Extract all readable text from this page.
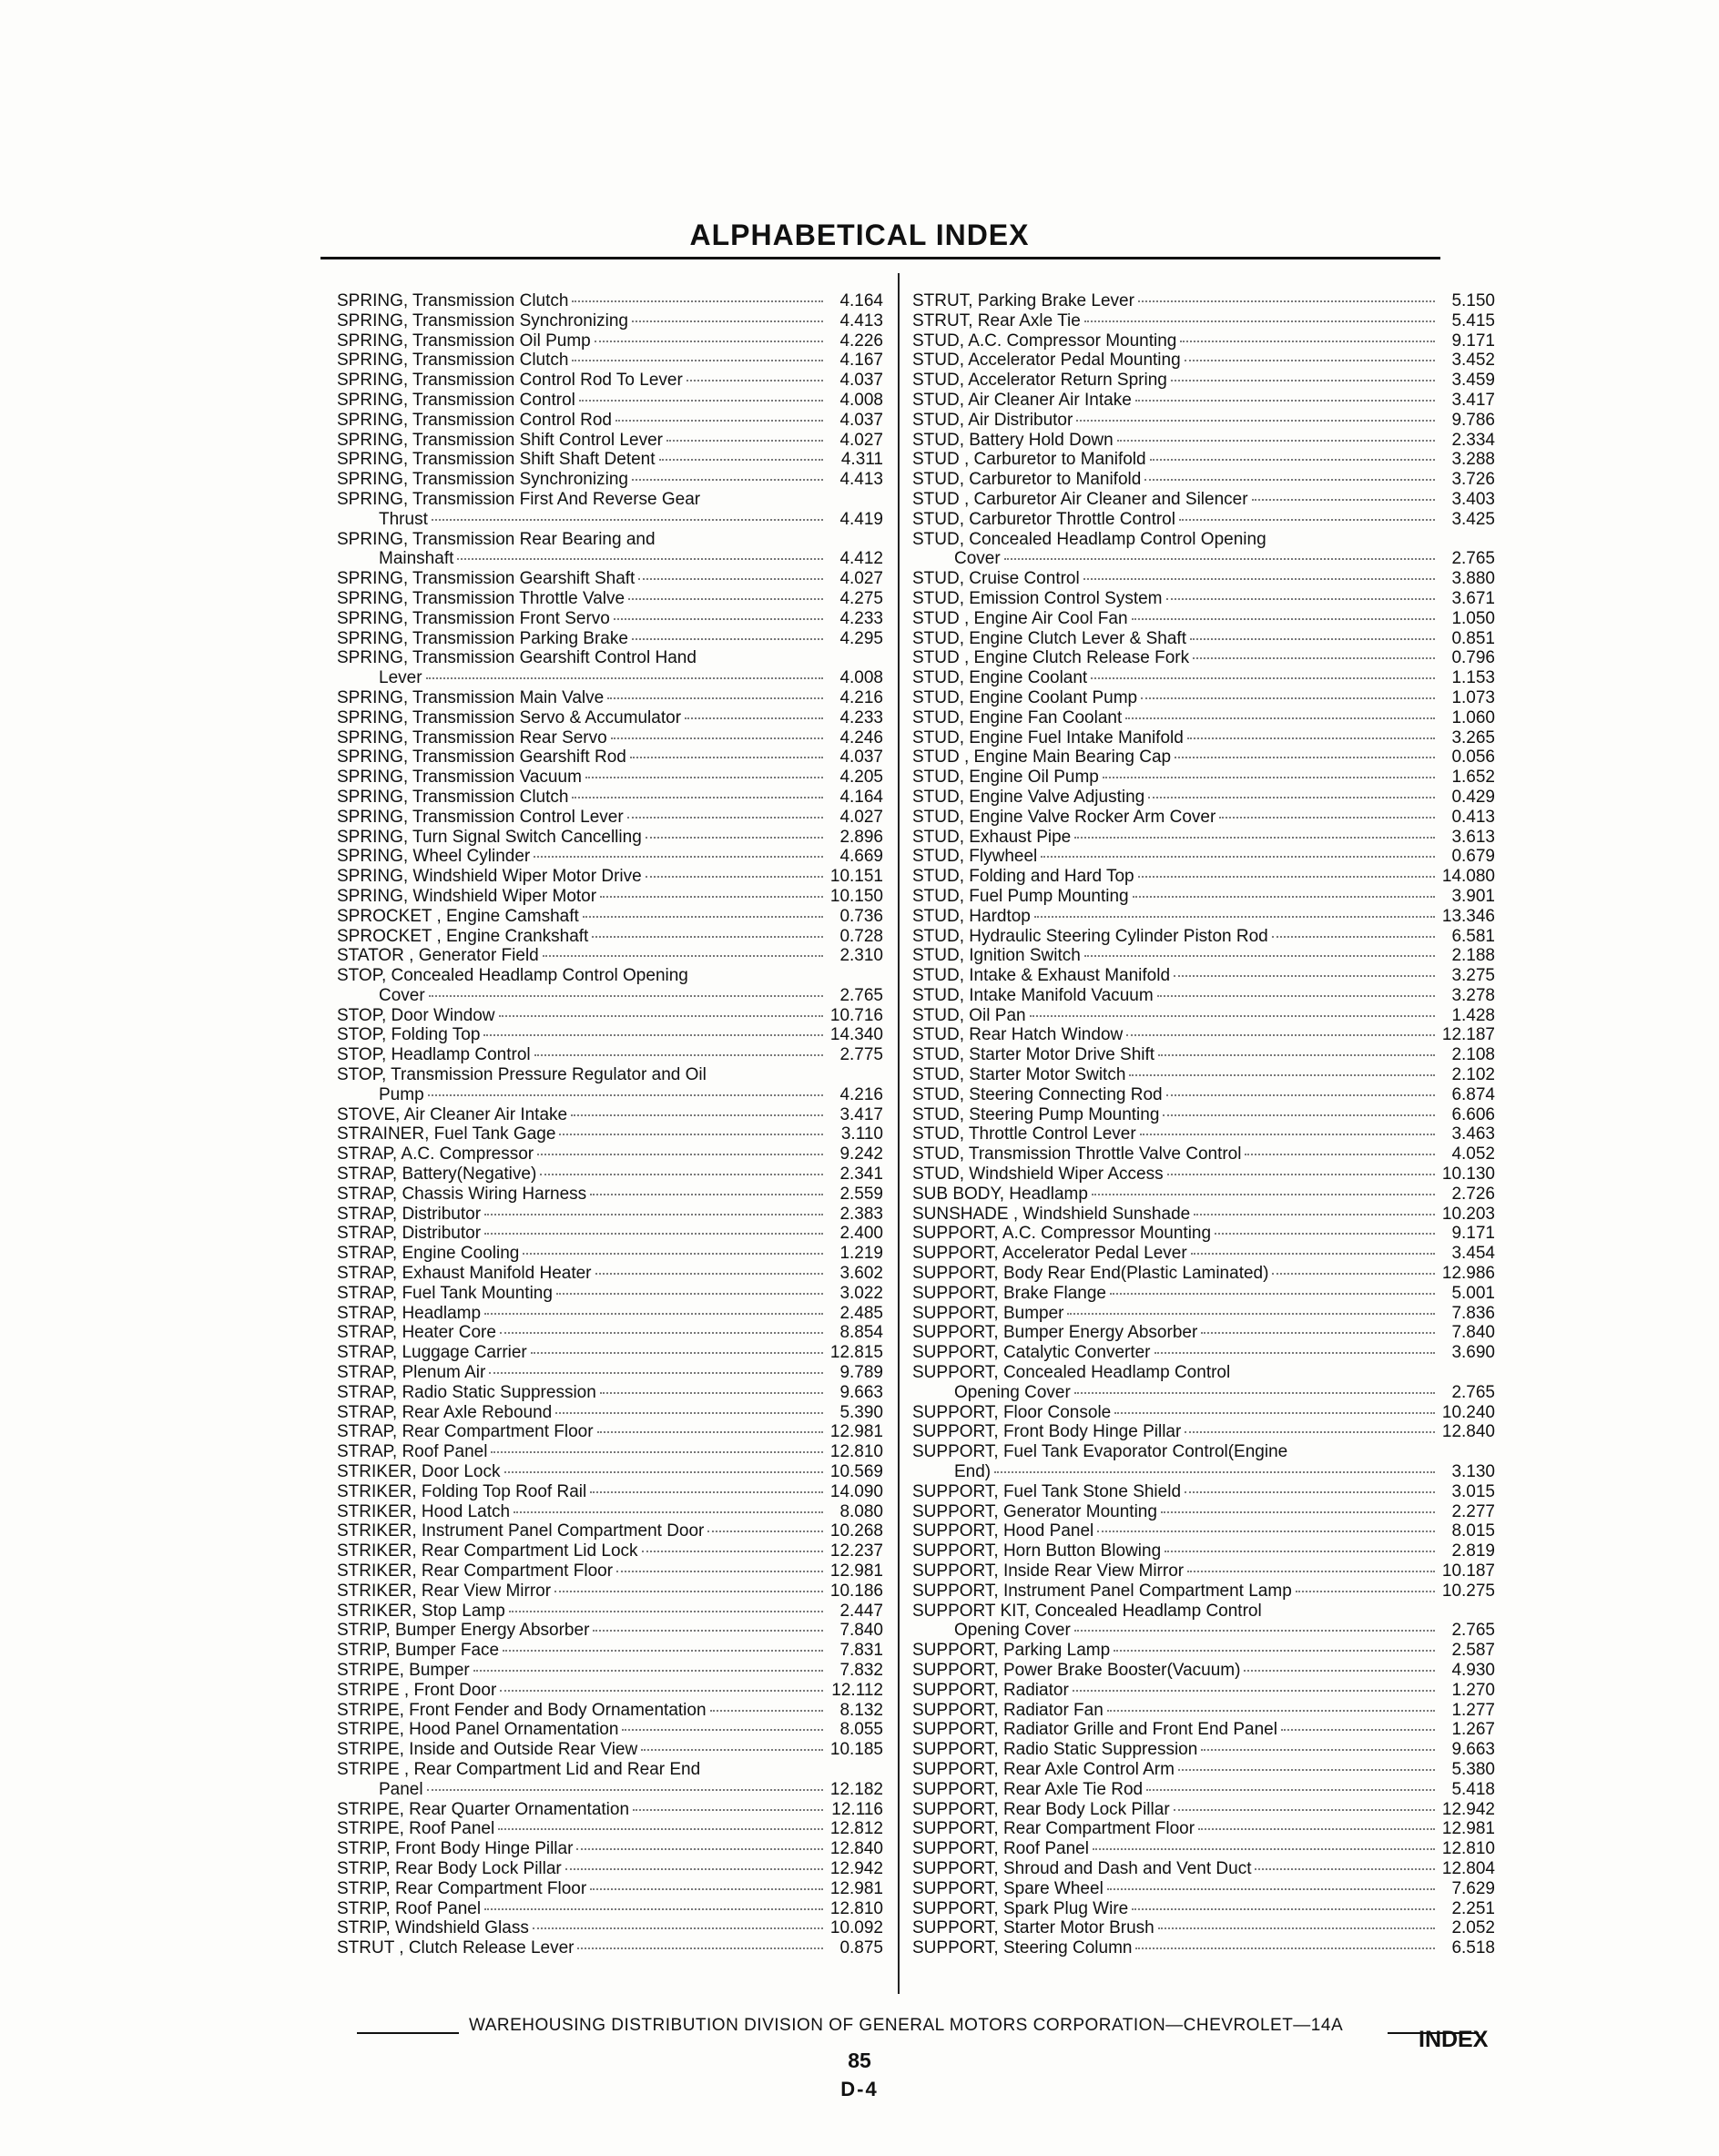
ALPHABETICAL INDEX
SPRING, Transmission Clutch	4.164
SPRING, Transmission Synchronizing	4.413
SPRING, Transmission Oil Pump	4.226
SPRING, Transmission Clutch	4.167
SPRING, Transmission Control Rod To Lever	4.037
SPRING, Transmission Control	4.008
SPRING, Transmission Control Rod	4.037
SPRING, Transmission Shift Control Lever	4.027
SPRING, Transmission Shift Shaft Detent	4.311
SPRING, Transmission Synchronizing	4.413
SPRING, Transmission First And Reverse Gear
Thrust	4.419
SPRING, Transmission Rear Bearing and
Mainshaft	4.412
SPRING, Transmission Gearshift Shaft	4.027
SPRING, Transmission Throttle Valve	4.275
SPRING, Transmission Front Servo	4.233
SPRING, Transmission Parking Brake	4.295
SPRING, Transmission Gearshift Control Hand
Lever	4.008
SPRING, Transmission Main Valve	4.216
SPRING, Transmission Servo & Accumulator	4.233
SPRING, Transmission Rear Servo	4.246
SPRING, Transmission Gearshift Rod	4.037
SPRING, Transmission Vacuum	4.205
SPRING, Transmission Clutch	4.164
SPRING, Transmission Control Lever	4.027
SPRING, Turn Signal Switch Cancelling	2.896
SPRING, Wheel Cylinder	4.669
SPRING, Windshield Wiper Motor Drive	10.151
SPRING, Windshield Wiper Motor	10.150
SPROCKET , Engine Camshaft	0.736
SPROCKET , Engine Crankshaft	0.728
STATOR , Generator Field	2.310
STOP, Concealed Headlamp Control Opening
Cover	2.765
STOP, Door Window	10.716
STOP, Folding Top	14.340
STOP, Headlamp Control	2.775
STOP, Transmission Pressure Regulator and Oil
Pump	4.216
STOVE, Air Cleaner Air Intake	3.417
STRAINER, Fuel Tank Gage	3.110
STRAP, A.C. Compressor	9.242
STRAP, Battery(Negative)	2.341
STRAP, Chassis Wiring Harness	2.559
STRAP, Distributor	2.383
STRAP, Distributor	2.400
STRAP, Engine Cooling	1.219
STRAP, Exhaust Manifold Heater	3.602
STRAP, Fuel Tank Mounting	3.022
STRAP, Headlamp	2.485
STRAP, Heater Core	8.854
STRAP, Luggage Carrier	12.815
STRAP, Plenum Air	9.789
STRAP, Radio Static Suppression	9.663
STRAP, Rear Axle Rebound	5.390
STRAP, Rear Compartment Floor	12.981
STRAP, Roof Panel	12.810
STRIKER, Door Lock	10.569
STRIKER, Folding Top Roof Rail	14.090
STRIKER, Hood Latch	8.080
STRIKER, Instrument Panel Compartment Door	10.268
STRIKER, Rear Compartment Lid Lock	12.237
STRIKER, Rear Compartment Floor	12.981
STRIKER, Rear View Mirror	10.186
STRIKER, Stop Lamp	2.447
STRIP, Bumper Energy Absorber	7.840
STRIP, Bumper Face	7.831
STRIPE, Bumper	7.832
STRIPE , Front Door	12.112
STRIPE, Front Fender and Body Ornamentation	8.132
STRIPE, Hood Panel Ornamentation	8.055
STRIPE, Inside and Outside Rear View	10.185
STRIPE , Rear Compartment Lid and Rear End
Panel	12.182
STRIPE, Rear Quarter Ornamentation	12.116
STRIPE, Roof Panel	12.812
STRIP, Front Body Hinge Pillar	12.840
STRIP, Rear Body Lock Pillar	12.942
STRIP, Rear Compartment Floor	12.981
STRIP, Roof Panel	12.810
STRIP, Windshield Glass	10.092
STRUT , Clutch Release Lever	0.875
STRUT, Parking Brake Lever	5.150
STRUT, Rear Axle Tie	5.415
STUD, A.C. Compressor Mounting	9.171
STUD, Accelerator Pedal Mounting	3.452
STUD, Accelerator Return Spring	3.459
STUD, Air Cleaner Air Intake	3.417
STUD, Air Distributor	9.786
STUD, Battery Hold Down	2.334
STUD , Carburetor to Manifold	3.288
STUD, Carburetor to Manifold	3.726
STUD , Carburetor Air Cleaner and Silencer	3.403
STUD, Carburetor Throttle Control	3.425
STUD, Concealed Headlamp Control Opening
Cover	2.765
STUD, Cruise Control	3.880
STUD, Emission Control System	3.671
STUD , Engine Air Cool Fan	1.050
STUD, Engine Clutch Lever & Shaft	0.851
STUD , Engine Clutch Release Fork	0.796
STUD, Engine Coolant	1.153
STUD, Engine Coolant Pump	1.073
STUD, Engine Fan Coolant	1.060
STUD, Engine Fuel Intake Manifold	3.265
STUD , Engine Main Bearing Cap	0.056
STUD, Engine Oil Pump	1.652
STUD, Engine Valve Adjusting	0.429
STUD, Engine Valve Rocker Arm Cover	0.413
STUD, Exhaust Pipe	3.613
STUD, Flywheel	0.679
STUD, Folding and Hard Top	14.080
STUD, Fuel Pump Mounting	3.901
STUD, Hardtop	13.346
STUD, Hydraulic Steering Cylinder Piston Rod	6.581
STUD, Ignition Switch	2.188
STUD, Intake & Exhaust Manifold	3.275
STUD, Intake Manifold Vacuum	3.278
STUD, Oil Pan	1.428
STUD, Rear Hatch Window	12.187
STUD, Starter Motor Drive Shift	2.108
STUD, Starter Motor Switch	2.102
STUD, Steering Connecting Rod	6.874
STUD, Steering Pump Mounting	6.606
STUD, Throttle Control Lever	3.463
STUD, Transmission Throttle Valve Control	4.052
STUD, Windshield Wiper Access	10.130
SUB BODY, Headlamp	2.726
SUNSHADE , Windshield Sunshade	10.203
SUPPORT, A.C. Compressor Mounting	9.171
SUPPORT, Accelerator Pedal Lever	3.454
SUPPORT, Body Rear End(Plastic Laminated)	12.986
SUPPORT, Brake Flange	5.001
SUPPORT, Bumper	7.836
SUPPORT, Bumper Energy Absorber	7.840
SUPPORT, Catalytic Converter	3.690
SUPPORT, Concealed Headlamp Control
Opening Cover	2.765
SUPPORT, Floor Console	10.240
SUPPORT, Front Body Hinge Pillar	12.840
SUPPORT, Fuel Tank Evaporator Control(Engine
End)	3.130
SUPPORT, Fuel Tank Stone Shield	3.015
SUPPORT, Generator Mounting	2.277
SUPPORT, Hood Panel	8.015
SUPPORT, Horn Button Blowing	2.819
SUPPORT, Inside Rear View Mirror	10.187
SUPPORT, Instrument Panel Compartment Lamp	10.275
SUPPORT KIT, Concealed Headlamp Control
Opening Cover	2.765
SUPPORT, Parking Lamp	2.587
SUPPORT, Power Brake Booster(Vacuum)	4.930
SUPPORT, Radiator	1.270
SUPPORT, Radiator Fan	1.277
SUPPORT, Radiator Grille and Front End Panel	1.267
SUPPORT, Radio Static Suppression	9.663
SUPPORT, Rear Axle Control Arm	5.380
SUPPORT, Rear Axle Tie Rod	5.418
SUPPORT, Rear Body Lock Pillar	12.942
SUPPORT, Rear Compartment Floor	12.981
SUPPORT, Roof Panel	12.810
SUPPORT, Shroud and Dash and Vent Duct	12.804
SUPPORT, Spare Wheel	7.629
SUPPORT, Spark Plug Wire	2.251
SUPPORT, Starter Motor Brush	2.052
SUPPORT, Steering Column	6.518
WAREHOUSING DISTRIBUTION DIVISION OF GENERAL MOTORS CORPORATION—CHEVROLET—14A
INDEX
85
D-4
